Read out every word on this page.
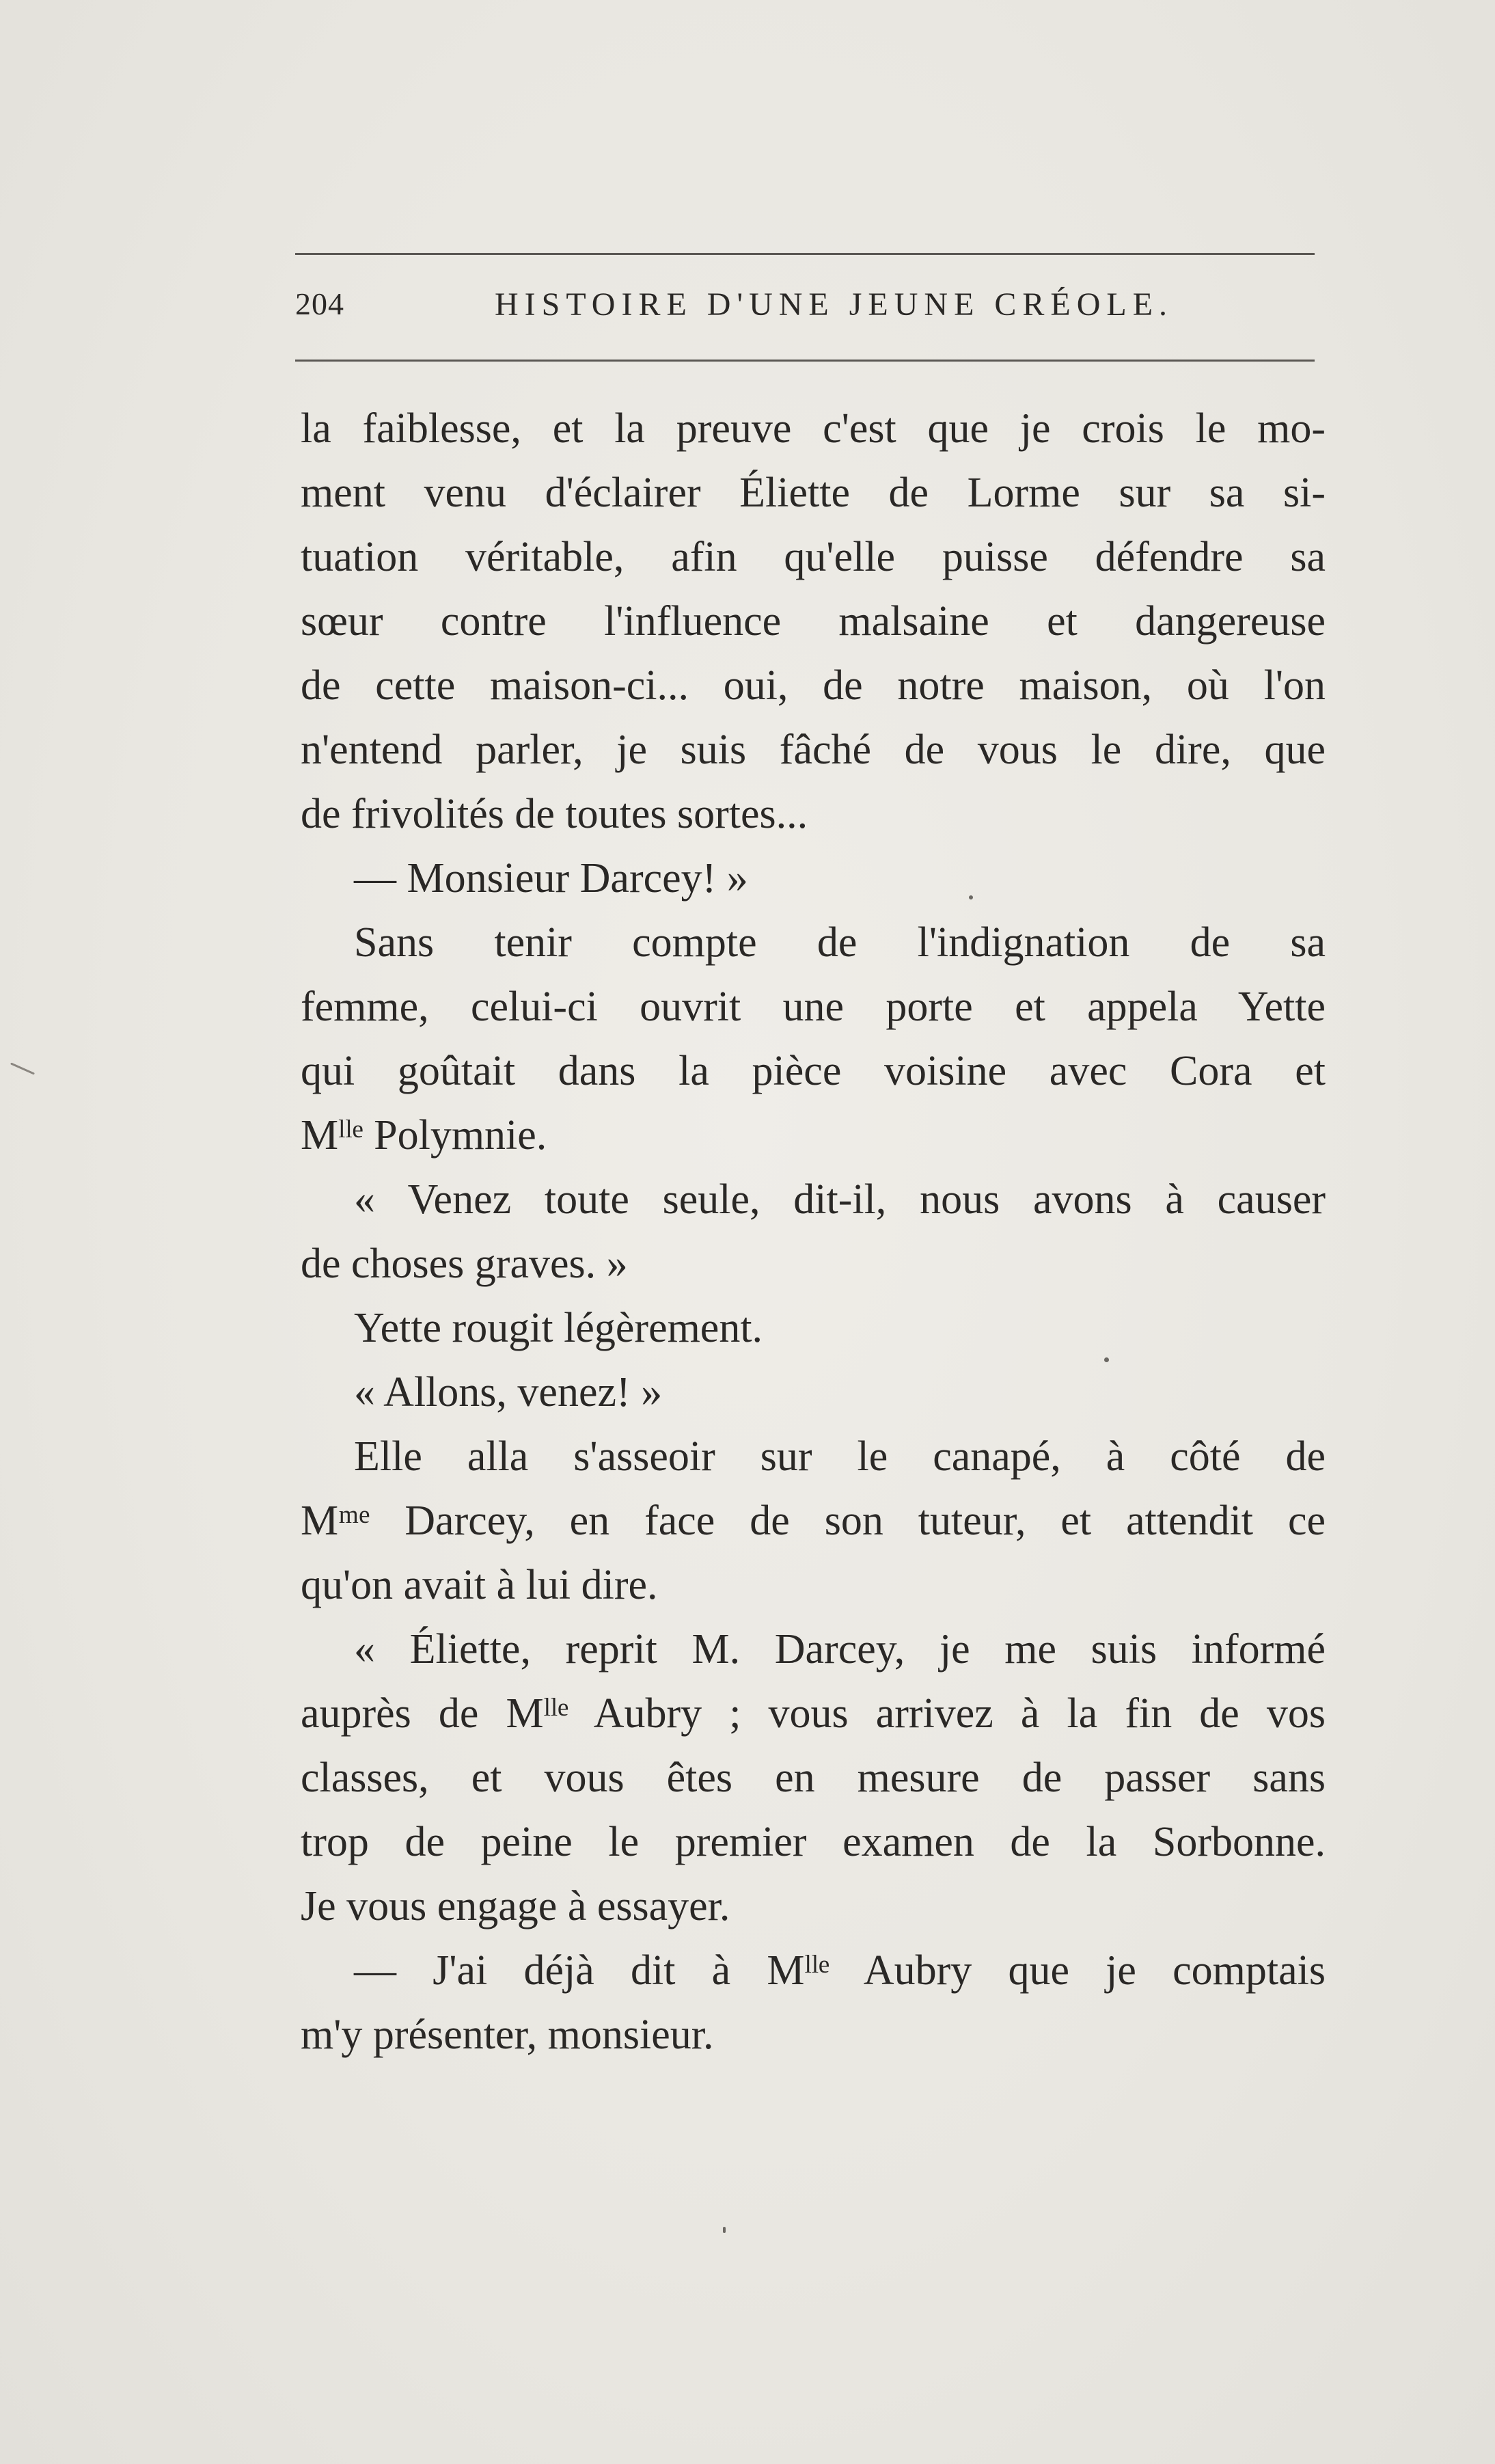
204	HISTOIRE D'UNE JEUNE CRÉOLE.
la faiblesse, et la preuve c'est que je crois le mo-
ment venu d'éclairer Éliette de Lorme sur sa si-
tuation véritable, afin qu'elle puisse défendre sa
sœur contre l'influence malsaine et dangereuse
de cette maison-ci... oui, de notre maison, où l'on
n'entend parler, je suis fâché de vous le dire, que
de frivolités de toutes sortes...
— Monsieur Darcey! »
Sans tenir compte de l'indignation de sa
femme, celui-ci ouvrit une porte et appela Yette
qui goûtait dans la pièce voisine avec Cora et
Mˡˡᵉ Polymnie.
« Venez toute seule, dit-il, nous avons à causer
de choses graves. »
Yette rougit légèrement.
« Allons, venez! »
Elle alla s'asseoir sur le canapé, à côté de
Mᵐᵉ Darcey, en face de son tuteur, et attendit ce
qu'on avait à lui dire.
« Éliette, reprit M. Darcey, je me suis informé
auprès de Mˡˡᵉ Aubry ; vous arrivez à la fin de vos
classes, et vous êtes en mesure de passer sans
trop de peine le premier examen de la Sorbonne.
Je vous engage à essayer.
— J'ai déjà dit à Mˡˡᵉ Aubry que je comptais
m'y présenter, monsieur.
